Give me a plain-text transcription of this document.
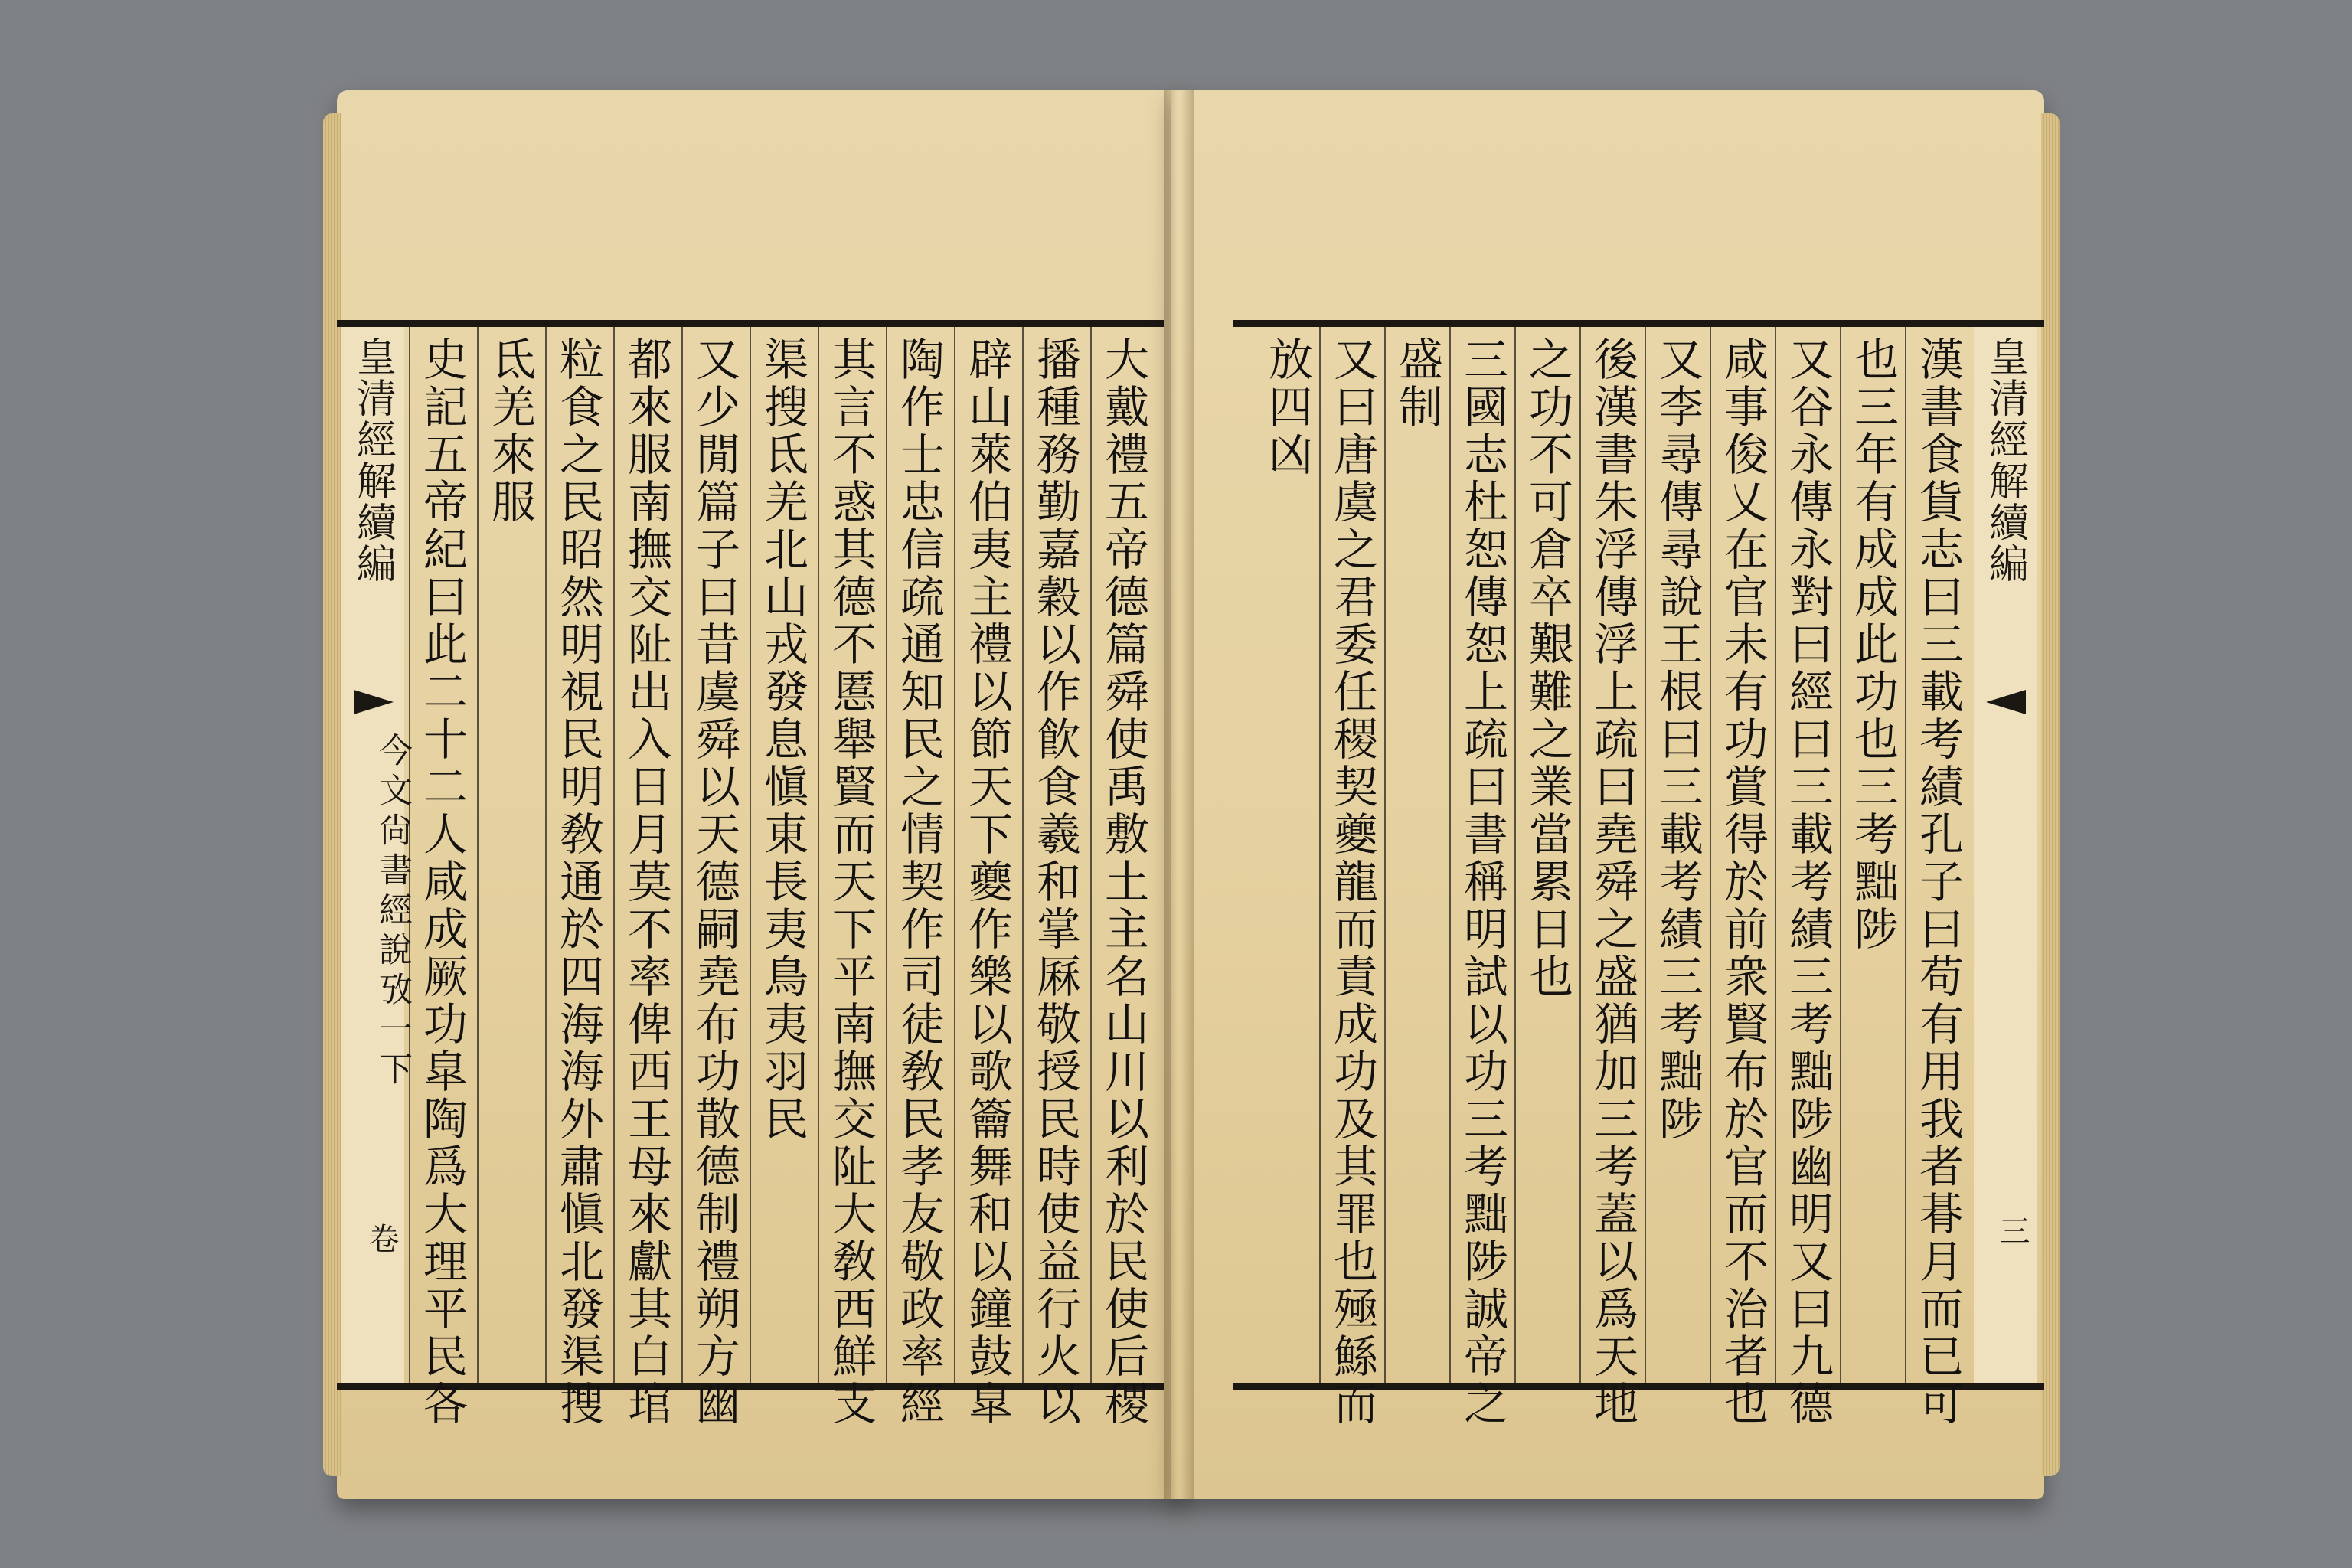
大戴禮五帝德篇舜使禹敷土主名山川以利於民使后稷
播種務勤嘉穀以作飮食羲和掌厤敬授民時使益行火以
辟山萊伯夷主禮以節天下夔作樂以歌籥舞和以鐘鼓皐
陶作士忠信疏通知民之情契作司徒敎民孝友敬政率經
其言不惑其德不慝舉賢而天下平南撫交阯大敎西鮮支
渠搜氐羌北山戎發息愼東長夷鳥夷羽民
又少閒篇子曰昔虞舜以天德嗣堯布功散德制禮朔方幽
都來服南撫交阯出入日月莫不率俾西王母來獻其白琯
粒食之民昭然明視民明敎通於四海海外肅愼北發渠搜
氐羌來服
史記五帝紀曰此二十二人咸成厥功皐陶爲大理平民各
皇清經解續編
今文尙書經說攷一下
卷	漢書食貨志曰三載考績孔子曰苟有用我者朞月而已可
也三年有成成此功也三考黜陟
又谷永傳永對曰經曰三載考績三考黜陟幽明又曰九德
咸事俊乂在官未有功賞得於前衆賢布於官而不治者也
又李尋傳尋說王根曰三載考績三考黜陟
後漢書朱浮傳浮上疏曰堯舜之盛猶加三考蓋以爲天地
之功不可倉卒艱難之業當累日也
三國志杜恕傳恕上疏曰書稱明試以功三考黜陟誠帝之
盛制
又曰唐虞之君委任稷契夔龍而責成功及其罪也殛鯀而
放四凶	皇清經解續編
三
